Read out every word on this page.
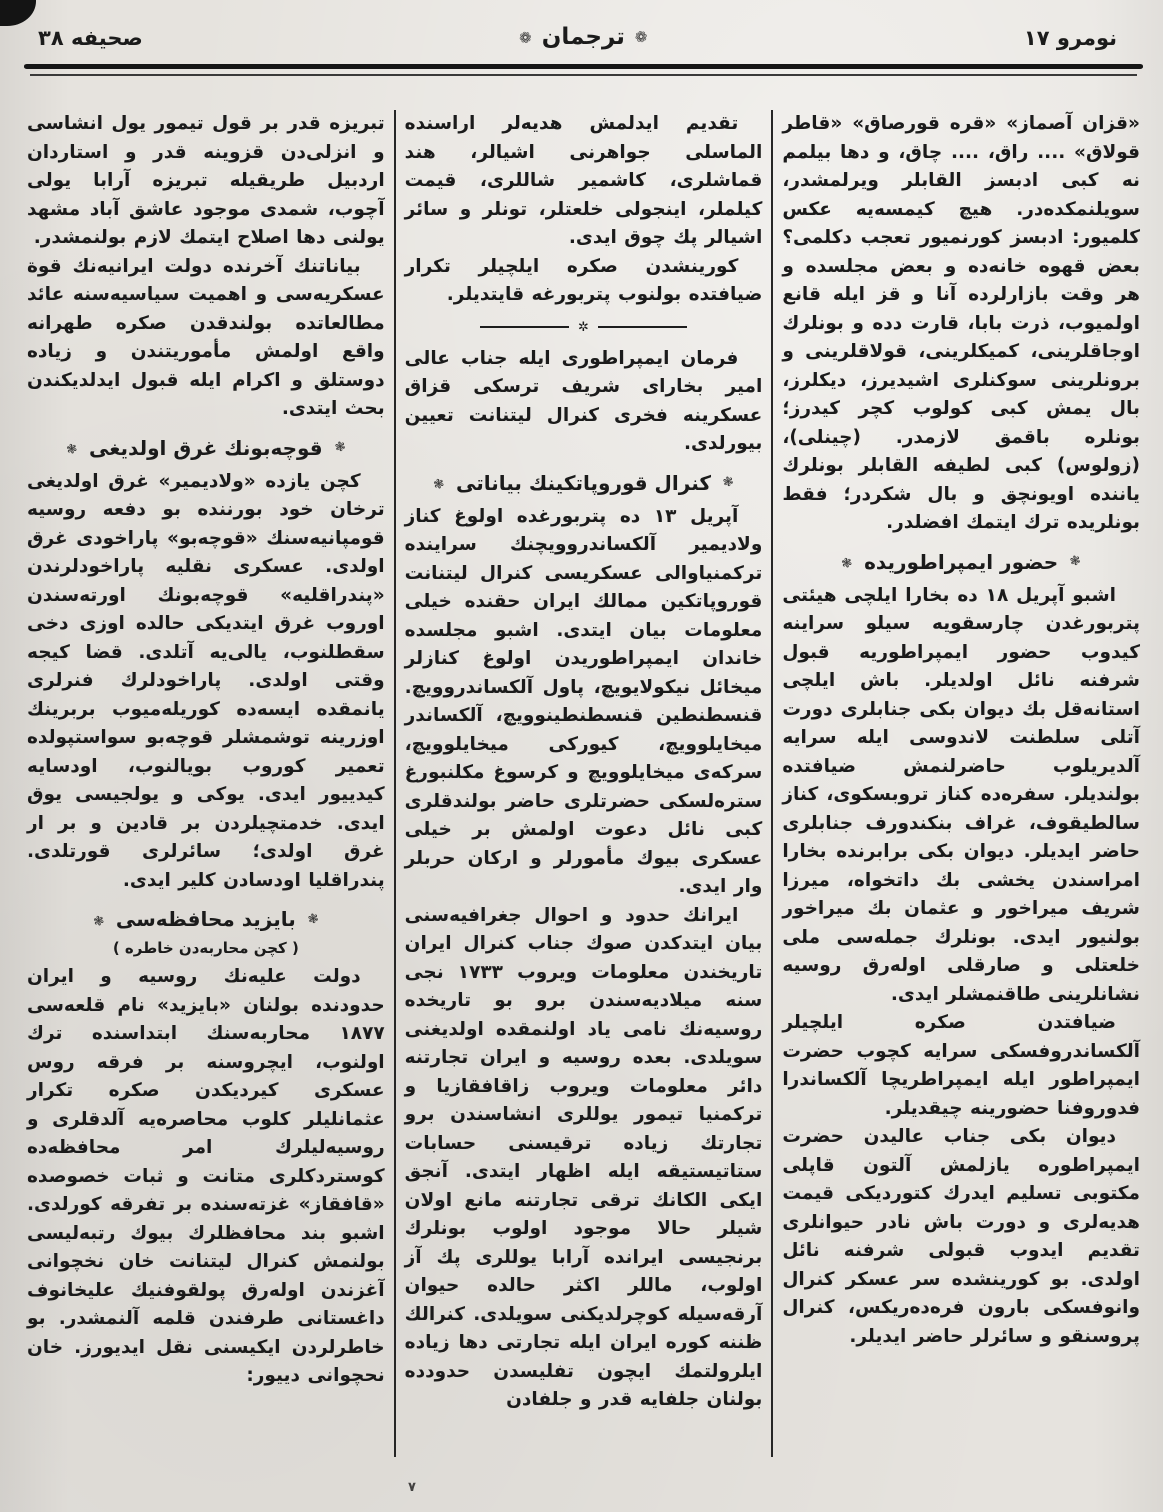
نومرو ١٧
❁
ترجمان
❁
صحيفه ٣٨

«قزان آصماز» «قره قورصاق» «قاطر قولاق» .... راق، .... چاق، و دها بيلمم نه كبى ادبسز القابلر ويرلمشدر، سويلنمكده‌در. هيچ كيمسه‌يه عكس كلميور: ادبسز كورنميور تعجب دكلمى؟ بعض قهوه خانه‌ده و بعض مجلسده و هر وقت بازارلرده آنا و قز ايله قانع اولميوب، ذرت بابا، قارت دده و بونلرك اوجاقلرينى، كميكلرينى، قولاقلرينى و برونلرينى سوكنلرى اشيديرز، ديكلرز، بال يمش كبى كولوب كچر كيدرز؛ بونلره باقمق لازمدر. (چينلى)، (زولوس) كبى لطيفه القابلر بونلرك ياننده اويونچق و بال شكردر؛ فقط بونلريده ترك ايتمك افضلدر.

❃
حضور ايمپراطوريده
❃

اشبو آپريل ١٨ ده بخارا ايلچى هيئتى پتربورغدن چارسقويه سيلو سراينه كيدوب حضور ايمپراطوريه قبول شرفنه نائل اولديلر. باش ايلچى استانه‌قل بك ديوان بكى جنابلرى دورت آتلى سلطنت لاندوسى ايله سرايه آلديريلوب حاضرلنمش ضيافتده بولنديلر. سفره‌ده كناز تروبسكوى، كناز سالطيقوف، غراف بنكندورف جنابلرى حاضر ايديلر. ديوان بكى برابرنده بخارا امراسندن يخشى بك داتخواه، ميرزا شريف ميراخور و عثمان بك ميراخور بولنيور ايدى. بونلرك جمله‌سى ملى خلعتلى و صارقلى اوله‌رق روسيه نشانلرينى طاقنمشلر ايدى.

ضيافتدن صكره ايلچيلر آلكساندروفسكى سرايه كچوب حضرت ايمپراطور ايله ايمپراطريچا آلكساندرا فدوروفنا حضورينه چيقديلر.

ديوان بكى جناب عاليدن حضرت ايمپراطوره يازلمش آلتون قاپلى مكتوبى تسليم ايدرك كتورديكى قيمت هديه‌لرى و دورت باش نادر حيوانلرى تقديم ايدوب قبولى شرفنه نائل اولدى. بو كورينشده سر عسكر كنرال وانوفسكى بارون فره‌ده‌ريكس، كنرال پروسنقو و سائرلر حاضر ايديلر.

تقديم ايدلمش هديه‌لر اراسنده الماسلى جواهرنى اشيالر، هند قماشلرى، كاشمير شاللرى، قيمت كيلملر، اينجولى خلعتلر، تونلر و سائر اشيالر پك چوق ايدى.

كورينشدن صكره ايلچيلر تكرار ضيافتده بولنوب پتربورغه قايتديلر.

✲

فرمان ايمپراطورى ايله جناب عالى امير بخاراى شريف ترسكى قزاق عسكرينه فخرى كنرال ليتنانت تعيين بيورلدى.

❃
كنرال قوروپاتكينك بياناتى
❃

آپريل ١٣ ده پتربورغده اولوغ كناز ولاديمير آلكساندروويچنك سراينده تركمنياوالى عسكريسى كنرال ليتنانت قوروپاتكين ممالك ايران حقنده خيلى معلومات بيان ايتدى. اشبو مجلسده خاندان ايمپراطوريدن اولوغ كنازلر ميخائل نيكولايويچ، پاول آلكساندروويچ. قنسطنطين قنسطنطينوويچ، آلكساندر ميخايلوويچ، كيوركى ميخايلوويچ، سركه‌ى ميخايلوويچ و كرسوغ مكلنبورغ ستره‌لسكى حضرتلرى حاضر بولندقلرى كبى نائل دعوت اولمش بر خيلى عسكرى بيوك مأمورلر و اركان حربلر وار ايدى.

ايرانك حدود و احوال جغرافيه‌سنى بيان ايتدكدن صوك جناب كنرال ايران تاريخندن معلومات ويروب ١٧٣٣ نجى سنه ميلاديه‌سندن برو بو تاريخده روسيه‌نك نامى ياد اولنمقده اولديغنى سويلدى. بعده روسيه و ايران تجارتنه دائر معلومات ويروب زاقافقازيا و تركمنيا تيمور يوللرى انشاسندن برو تجارتك زياده ترقيسنى حسابات ستاتيستيقه ايله اظهار ايتدى. آنجق ايكى الكانك ترقى تجارتنه مانع اولان شيلر حالا موجود اولوب بونلرك برنجيسى ايرانده آرابا يوللرى پك آز اولوب، ماللر اكثر حالده حيوان آرقه‌سيله كوچرلديكنى سويلدى. كنرالك ظننه كوره ايران ايله تجارتى دها زياده ايلرولتمك ايچون تفليسدن حدودده بولنان جلفايه قدر و جلفادن

تبريزه قدر بر قول تيمور يول انشاسى و انزلى‌دن قزوينه قدر و استاردان اردبيل طريقيله تبريزه آرابا يولى آچوب، شمدى موجود عاشق آباد مشهد يولنى دها اصلاح ايتمك لازم بولنمشدر.

بياناتنك آخرنده دولت ايرانيه‌نك قوة عسكريه‌سى و اهميت سياسيه‌سنه عائد مطالعاتده بولندقدن صكره طهرانه واقع اولمش مأموريتندن و زياده دوستلق و اكرام ايله قبول ايدلديكندن بحث ايتدى.

❃
قوچه‌بونك غرق اولديغى
❃

كچن يازده «ولاديمير» غرق اولديغى ترخان خود بورننده بو دفعه روسيه قومپانيه‌سنك «قوچه‌بو» پاراخودى غرق اولدى. عسكرى نقليه پاراخودلرندن «پندراقليه» قوچه‌بونك اورته‌سندن اوروب غرق ايتديكى حالده اوزى دخى سقطلنوب، يالى‌يه آتلدى. قضا كيجه وقتى اولدى. پاراخودلرك فنرلرى يانمقده ايسه‌ده كوريله‌ميوب بربرينك اوزرينه توشمشلر قوچه‌بو سواستپولده تعمير كوروب بويالنوب، اودسايه كيدييور ايدى. يوكى و يولجيسى يوق ايدى. خدمتچيلردن بر قادين و بر ار غرق اولدى؛ سائرلرى قورتلدى. پندراقليا اودسادن كلير ايدى.

❃
بايزيد محافظه‌سى
❃
( كچن محاربه‌دن خاطره )

دولت عليه‌نك روسيه و ايران حدودنده بولنان «بايزيد» نام قلعه‌سى ١٨٧٧ محاربه‌سنك ابتداسنده ترك اولنوب، ايچروسنه بر فرقه روس عسكرى كيرديكدن صكره تكرار عثمانليلر كلوب محاصره‌يه آلدقلرى و روسيه‌ليلرك امر محافظه‌ده كوستردكلرى متانت و ثبات خصوصده «قافقاز» غزته‌سنده بر تفرقه كورلدى. اشبو بند محافظلرك بيوك رتبه‌ليسى بولنمش كنرال ليتنانت خان نخچوانى آغزندن اوله‌رق پولقوفنيك عليخانوف داغستانى طرفندن قلمه آلنمشدر. بو خاطرلردن ايكيسنى نقل ايديورز. خان نحچوانى دييور:

٧
